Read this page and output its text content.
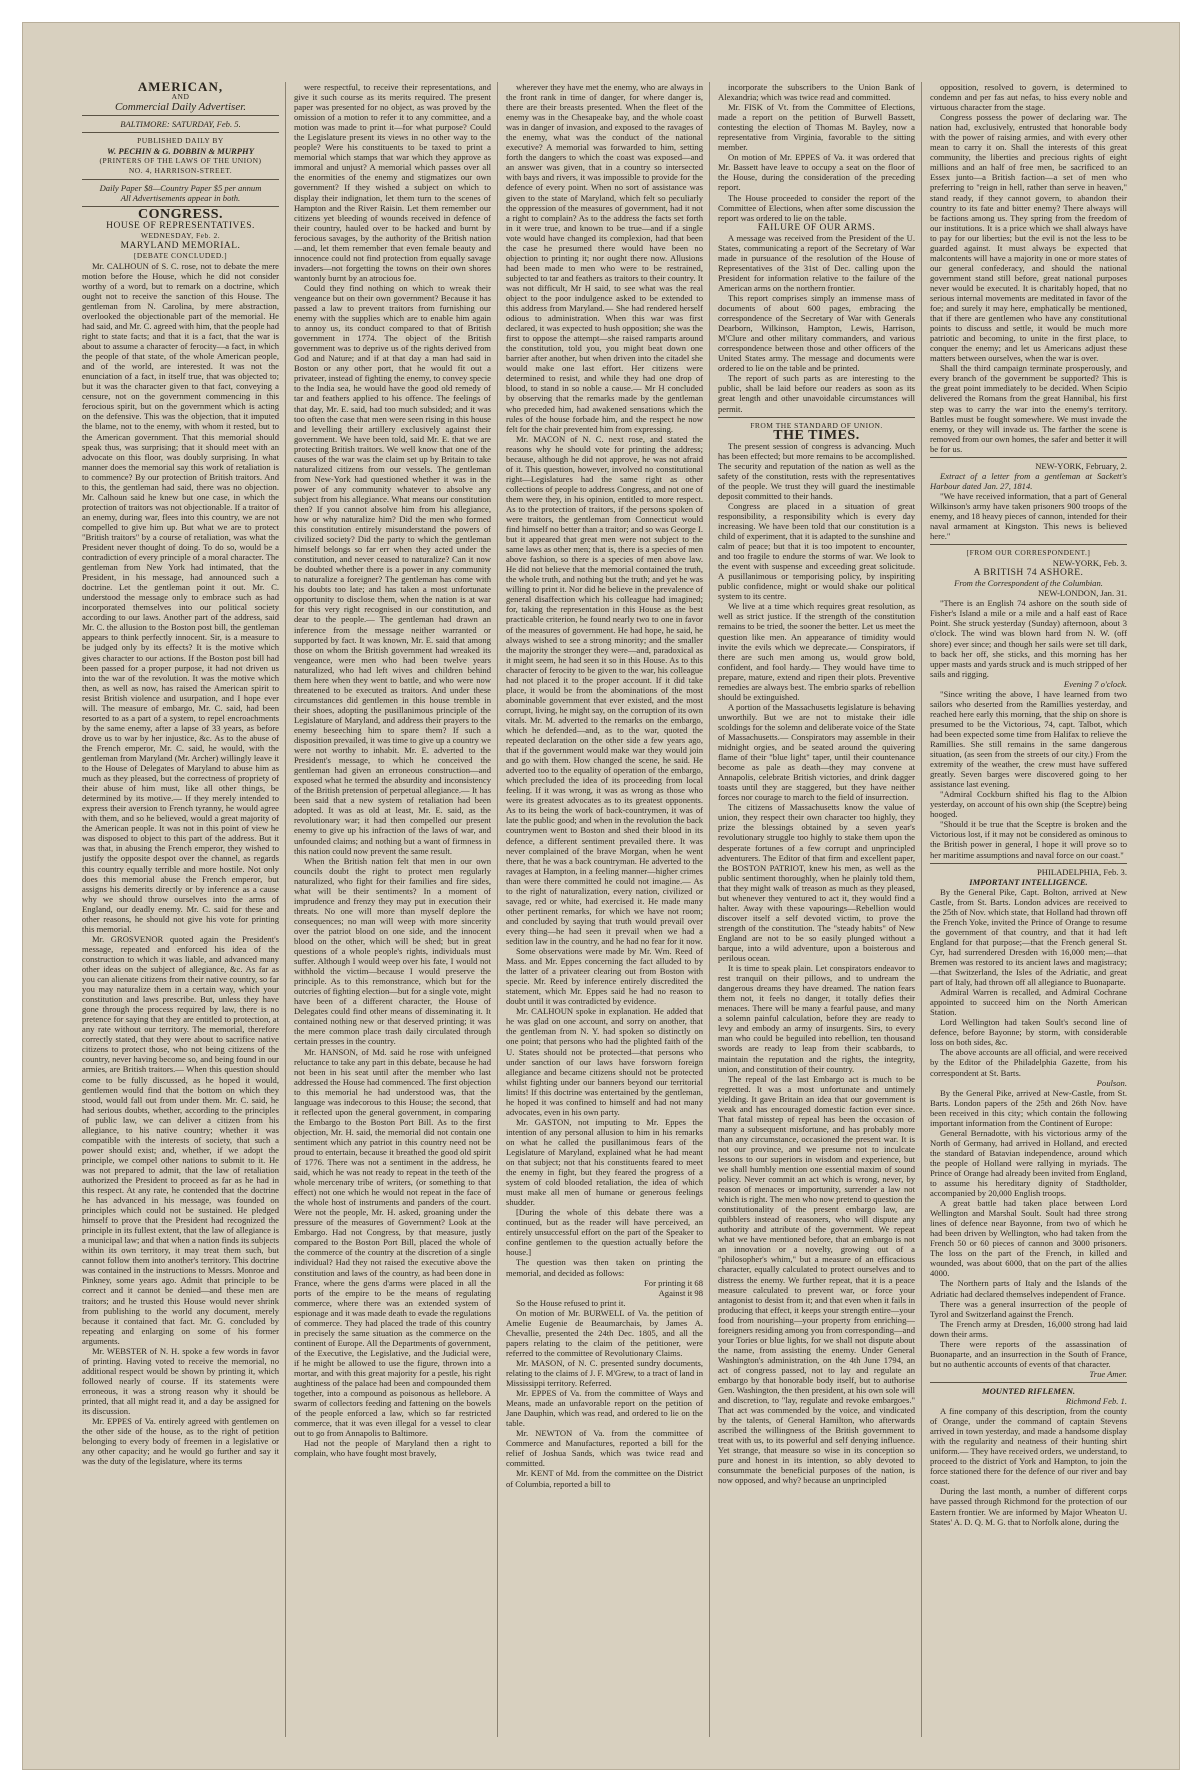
AMERICAN,

AND

Commercial Daily Advertiser.

BALTIMORE: SATURDAY, Feb. 5.

PUBLISHED DAILY BY

W. PECHIN & G. DOBBIN & MURPHY

(PRINTERS OF THE LAWS OF THE UNION)

NO. 4, HARRISON-STREET.

Daily Paper $8—Country Paper $5 per annum

All Advertisements appear in both.

CONGRESS.

HOUSE OF REPRESENTATIVES.

WEDNESDAY, Feb. 2.

MARYLAND MEMORIAL.

[DEBATE CONCLUDED.]

Mr. CALHOUN of S. C. rose, not to debate the mere motion before the House, which he did not consider worthy of a word, but to remark on a doctrine, which ought not to receive the sanction of this House. The gentleman from N. Carolina, by mere abstraction, overlooked the objectionable part of the memorial. He had said, and Mr. C. agreed with him, that the people had right to state facts; and that it is a fact, that the war is about to assume a character of ferocity—a fact, in which the people of that state, of the whole American people, and of the world, are interested. It was not the enunciation of a fact, in itself true, that was objected to; but it was the character given to that fact, conveying a censure, not on the government commencing in this ferocious spirit, but on the government which is acting on the defensive. This was the objection, that it imputed the blame, not to the enemy, with whom it rested, but to the American government. That this memorial should speak thus, was surprising; that it should meet with an advocate on this floor, was doubly surprising. In what manner does the memorial say this work of retaliation is to commence? By our protection of British traitors. And to this, the gentleman had said, there was no objection. Mr. Calhoun said he knew but one case, in which the protection of traitors was not objectionable. If a traitor of an enemy, during war, flees into this country, we are not compelled to give him up. But what we are to protect "British traitors" by a course of retaliation, was what the President never thought of doing. To do so, would be a contradiction of every principle of a moral character. The gentleman from New York had intimated, that the President, in his message, had announced such a doctrine. Let the gentleman point it out. Mr. C. understood the message only to embrace such as had incorporated themselves into our political society according to our laws. Another part of the address, said Mr. C. the allusion to the Boston post bill, the gentleman appears to think perfectly innocent. Sir, is a measure to be judged only by its effects? It is the motive which gives character to our actions. If the Boston post bill had been passed for a proper purpose, it had not driven us into the war of the revolution. It was the motive which then, as well as now, has raised the American spirit to resist British violence and usurpation, and I hope ever will. The measure of embargo, Mr. C. said, had been resorted to as a part of a system, to repel encroachments by the same enemy, after a lapse of 33 years, as before drove us to war by her injustice, &c. As to the abuse of the French emperor, Mr. C. said, he would, with the gentleman from Maryland (Mr. Archer) willingly leave it to the House of Delegates of Maryland to abuse him as much as they pleased, but the correctness of propriety of their abuse of him must, like all other things, be determined by its motive.— If they merely intended to express their aversion to French tyranny, he would agree with them, and so he believed, would a great majority of the American people. It was not in this point of view he was disposed to object to this part of the address. But it was that, in abusing the French emperor, they wished to justify the opposite despot over the channel, as regards this country equally terrible and more hostile. Not only does this memorial abuse the French emperor, but assigns his demerits directly or by inference as a cause why we should throw ourselves into the arms of England, our deadly enemy. Mr. C. said for these and other reasons, he should not give his vote for printing this memorial.

Mr. GROSVENOR quoted again the President's message, repeated and enforced his idea of the construction to which it was liable, and advanced many other ideas on the subject of allegiance, &c. As far as you can alienate citizens from their native country, so far you may naturalize them in a certain way, which your constitution and laws prescribe. But, unless they have gone through the process required by law, there is no pretence for saying that they are entitled to protection, at any rate without our territory. The memorial, therefore correctly stated, that they were about to sacrifice native citizens to protect those, who not being citizens of the country, never having become so, and being found in our armies, are British traitors.— When this question should come to be fully discussed, as he hoped it would, gentlemen would find that the bottom on which they stood, would fall out from under them. Mr. C. said, he had serious doubts, whether, according to the principles of public law, we can deliver a citizen from his allegiance, to his native country; whether it was compatible with the interests of society, that such a power should exist; and, whether, if we adopt the principle, we compel other nations to submit to it. He was not prepared to admit, that the law of retaliation authorized the President to proceed as far as he had in this respect. At any rate, he contended that the doctrine he has advanced in his message, was founded on principles which could not be sustained. He pledged himself to prove that the President had recognized the principle in its fullest extent, that the law of allegiance is a municipal law; and that when a nation finds its subjects within its own territory, it may treat them such, but cannot follow them into another's territory. This doctrine was contained in the instructions to Messrs. Monroe and Pinkney, some years ago. Admit that principle to be correct and it cannot be denied—and these men are traitors; and he trusted this House would never shrink from publishing to the world any document, merely because it contained that fact. Mr. G. concluded by repeating and enlarging on some of his former arguments.

Mr. WEBSTER of N. H. spoke a few words in favor of printing. Having voted to receive the memorial, no additional respect would be shown by printing it, which followed nearly of course. If its statements were erroneous, it was a strong reason why it should be printed, that all might read it, and a day be assigned for its discussion.

Mr. EPPES of Va. entirely agreed with gentlemen on the other side of the house, as to the right of petition belonging to every body of freemen in a legislative or any other capacity; and he would go further and say it was the duty of the legislature, where its terms

were respectful, to receive their representations, and give it such course as its merits required. The present paper was presented for no object, as was proved by the omission of a motion to refer it to any committee, and a motion was made to print it—for what purpose? Could the Legislature present its views in no other way to the people? Were his constituents to be taxed to print a memorial which stamps that war which they approve as immoral and unjust? A memorial which passes over all the enormities of the enemy and stigmatizes our own government? If they wished a subject on which to display their indignation, let them turn to the scenes of Hampton and the River Raisin. Let them remember our citizens yet bleeding of wounds received in defence of their country, hauled over to be hacked and burnt by ferocious savages, by the authority of the British nation—and, let them remember that even female beauty and innocence could not find protection from equally savage invaders—not forgetting the towns on their own shores wantonly burnt by an atrocious foe.

Could they find nothing on which to wreak their vengeance but on their own government? Because it has passed a law to prevent traitors from furnishing our enemy with the supplies which are to enable him again to annoy us, its conduct compared to that of British government in 1774. The object of the British government was to deprive us of the rights derived from God and Nature; and if at that day a man had said in Boston or any other port, that he would fit out a privateer, instead of fighting the enemy, to convey specie to the India sea, he would have the good old remedy of tar and feathers applied to his offence. The feelings of that day, Mr. E. said, had too much subsided; and it was too often the case that men were seen rising in this house and levelling their artillery exclusively against their government. We have been told, said Mr. E. that we are protecting British traitors. We well know that one of the causes of the war was the claim set up by Britain to take naturalized citizens from our vessels. The gentleman from New-York had questioned whether it was in the power of any community whatever to absolve any subject from his allegiance. What means our constitution then? If you cannot absolve him from his allegiance, how or why naturalize him? Did the men who formed this constitution entirely misunderstand the powers of civilized society? Did the party to which the gentleman himself belongs so far err when they acted under the constitution, and never ceased to naturalize? Can it now be doubted whether there is a power in any community to naturalize a foreigner? The gentleman has come with his doubts too late; and has taken a most unfortunate opportunity to disclose them, when the nation is at war for this very right recognised in our constitution, and dear to the people.— The gentleman had drawn an inference from the message neither warranted or supported by fact. It was known, Mr. E. said that among those on whom the British government had wreaked its vengeance, were men who had been twelve years naturalized, who had left wives and children behind them here when they went to battle, and who were now threatened to be executed as traitors. And under these circumstances did gentlemen in this house tremble in their shoes, adopting the pusillanimous principle of the Legislature of Maryland, and address their prayers to the enemy beseeching him to spare them? If such a disposition prevailed, it was time to give up a country we were not worthy to inhabit. Mr. E. adverted to the President's message, to which he conceived the gentleman had given an erroneous construction—and exposed what he termed the absurdity and inconsistency of the British pretension of perpetual allegiance.— It has been said that a new system of retaliation had been adopted. It was as old at least, Mr. E. said, as the revolutionary war; it had then compelled our present enemy to give up his infraction of the laws of war, and unfounded claims; and nothing but a want of firmness in this nation could now prevent the same result.

When the British nation felt that men in our own councils doubt the right to protect men regularly naturalized, who fight for their families and fire sides, what will be their sentiments? In a moment of imprudence and frenzy they may put in execution their threats. No one will more than myself deplore the consequences; no man will weep with more sincerity over the patriot blood on one side, and the innocent blood on the other, which will be shed; but in great questions of a whole people's rights, individuals must suffer. Although I would weep over his fate, I would not withhold the victim—because I would preserve the principle. As to this remonstrance, which but for the outcries of fighting election—but for a single vote, might have been of a different character, the House of Delegates could find other means of disseminating it. It contained nothing new or that deserved printing; it was the mere common place trash daily circulated through certain presses in the country.

Mr. HANSON, of Md. said he rose with unfeigned reluctance to take any part in this debate, because he had not been in his seat until after the member who last addressed the House had commenced. The first objection to this memorial he had understood was, that the language was indecorous to this House; the second, that it reflected upon the general government, in comparing the Embargo to the Boston Port Bill. As to the first objection, Mr. H. said, the memorial did not contain one sentiment which any patriot in this country need not be proud to entertain, because it breathed the good old spirit of 1776. There was not a sentiment in the address, he said, which he was not ready to repeat in the teeth of the whole mercenary tribe of writers, (or something to that effect) not one which he would not repeat in the face of the whole host of instruments and panders of the court. Were not the people, Mr. H. asked, groaning under the pressure of the measures of Government? Look at the Embargo. Had not Congress, by that measure, justly compared to the Boston Port Bill, placed the whole of the commerce of the country at the discretion of a single individual? Had they not raised the executive above the constitution and laws of the country, as had been done in France, where the gens d'arms were placed in all the ports of the empire to be the means of regulating commerce, where there was an extended system of espionage and it was made death to evade the regulations of commerce. They had placed the trade of this country in precisely the same situation as the commerce on the continent of Europe. All the Departments of government, of the Executive, the Legislative, and the Judicial were, if he might be allowed to use the figure, thrown into a mortar, and with this great majority for a pestle, his right aughtiness of the palace had been and compounded them together, into a compound as poisonous as hellebore. A swarm of collectors feeding and fattening on the bowels of the people enforced a law, which so far restricted commerce, that it was even illegal for a vessel to clear out to go from Annapolis to Baltimore.

Had not the people of Maryland then a right to complain, who have fought most bravely,

wherever they have met the enemy, who are always in the front rank in time of danger, for where danger is, there are their breasts presented. When the fleet of the enemy was in the Chesapeake bay, and the whole coast was in danger of invasion, and exposed to the ravages of the enemy, what was the conduct of the national executive? A memorial was forwarded to him, setting forth the dangers to which the coast was exposed—and an answer was given, that in a country so intersected with bays and rivers, it was impossible to provide for the defence of every point. When no sort of assistance was given to the state of Maryland, which felt so peculiarly the oppression of the measures of government, had it not a right to complain? As to the address the facts set forth in it were true, and known to be true—and if a single vote would have changed its complexion, had that been the case he presumed there would have been no objection to printing it; nor ought there now. Allusions had been made to men who were to be restrained, subjected to tar and feathers as traitors to their country. It was not difficult, Mr H said, to see what was the real object to the poor indulgence asked to be extended to this address from Maryland.— She had rendered herself odious to administration. When this war was first declared, it was expected to hush opposition; she was the first to oppose the attempt—she raised ramparts around the constitution, told you, you might beat down one barrier after another, but when driven into the citadel she would make one last effort. Her citizens were determined to resist, and while they had one drop of blood, to stand in so noble a cause.— Mr H concluded by observing that the remarks made by the gentleman who preceded him, had awakened sensations which the rules of the house forbade him, and the respect he now felt for the chair prevented him from expressing.

Mr. MACON of N. C. next rose, and stated the reasons why he should vote for printing the address; because, although he did not approve, he was not afraid of it. This question, however, involved no constitutional right—Legislatures had the same right as other collections of people to address Congress, and not one of them were they, in his opinion, entitled to more respect. As to the protection of traitors, if the persons spoken of were traitors, the gentleman from Connecticut would find himself no better than a traitor; and so was George I. but it appeared that great men were not subject to the same laws as other men; that is, there is a species of men above fashion, so there is a species of men above law. He did not believe that the memorial contained the truth, the whole truth, and nothing but the truth; and yet he was willing to print it. Nor did he believe in the prevalence of general disaffection which his colleague had imagined; for, taking the representation in this House as the best practicable criterion, he found nearly two to one in favor of the measures of government. He had hope, he said, he always wished to see a strong minority; and the smaller the majority the stronger they were—and, paradoxical as it might seem, he had seen it so in this House. As to this character of ferocity to be given to the war, his colleague had not placed it to the proper account. If it did take place, it would be from the abominations of the most abominable government that ever existed, and the most corrupt, living, he might say, on the corruption of its own vitals. Mr. M. adverted to the remarks on the embargo, which he defended—and, as to the war, quoted the repeated declaration on the other side a few years ago, that if the government would make war they would join and go with them. How changed the scene, he said. He adverted too to the equality of operation of the embargo, which precluded the idea of its proceeding from local feeling. If it was wrong, it was as wrong as those who were its greatest advocates as to its greatest opponents. As to its being the work of back-countrymen, it was of late the public good; and when in the revolution the back countrymen went to Boston and shed their blood in its defence, a different sentiment prevailed there. It was never complained of the brave Morgan, when he went there, that he was a back countryman. He adverted to the ravages at Hampton, in a feeling manner—higher crimes than were there committed he could not imagine.— As to the right of naturalization, every nation, civilized or savage, red or white, had exercised it. He made many other pertinent remarks, for which we have not room; and concluded by saying that truth would prevail over every thing—he had seen it prevail when we had a sedition law in the country, and he had no fear for it now.

Some observations were made by Mr. Wm. Reed of Mass. and Mr. Eppes concerning the fact alluded to by the latter of a privateer clearing out from Boston with specie. Mr. Reed by inference entirely discredited the statement, which Mr. Eppes said he had no reason to doubt until it was contradicted by evidence.

Mr. CALHOUN spoke in explanation. He added that he was glad on one account, and sorry on another, that the gentleman from N. Y. had spoken so distinctly on one point; that persons who had the plighted faith of the U. States should not be protected—that persons who under sanction of our laws have forsworn foreign allegiance and became citizens should not be protected whilst fighting under our banners beyond our territorial limits! If this doctrine was entertained by the gentleman, he hoped it was confined to himself and had not many advocates, even in his own party.

Mr. GASTON, not imputing to Mr. Eppes the intention of any personal allusion to him in his remarks on what he called the pusillanimous fears of the Legislature of Maryland, explained what he had meant on that subject; not that his constituents feared to meet the enemy in fight, but they feared the progress of a system of cold blooded retaliation, the idea of which must make all men of humane or generous feelings shudder.

[During the whole of this debate there was a continued, but as the reader will have perceived, an entirely unsuccessful effort on the part of the Speaker to confine gentlemen to the question actually before the house.]

The question was then taken on printing the memorial, and decided as follows:

For printing it 68

Against it 98

So the House refused to print it.

On motion of Mr. BURWELL of Va. the petition of Amelie Eugenie de Beaumarchais, by James A. Chevallie, presented the 24th Dec. 1805, and all the papers relating to the claim of the petitioner, were referred to the committee of Revolutionary Claims.

Mr. MASON, of N. C. presented sundry documents, relating to the claims of J. F. M'Grew, to a tract of land in Mississippi territory. Referred.

Mr. EPPES of Va. from the committee of Ways and Means, made an unfavorable report on the petition of Jane Dauphin, which was read, and ordered to lie on the table.

Mr. NEWTON of Va. from the committee of Commerce and Manufactures, reported a bill for the relief of Joshua Sands, which was twice read and committed.

Mr. KENT of Md. from the committee on the District of Columbia, reported a bill to

incorporate the subscribers to the Union Bank of Alexandria; which was twice read and committed.

Mr. FISK of Vt. from the Committee of Elections, made a report on the petition of Burwell Bassett, contesting the election of Thomas M. Bayley, now a representative from Virginia, favorable to the sitting member.

On motion of Mr. EPPES of Va. it was ordered that Mr. Bassett have leave to occupy a seat on the floor of the House, during the consideration of the preceding report.

The House proceeded to consider the report of the Committee of Elections, when after some discussion the report was ordered to lie on the table.

FAILURE OF OUR ARMS.

A message was received from the President of the U. States, communicating a report of the Secretary of War made in pursuance of the resolution of the House of Representatives of the 31st of Dec. calling upon the President for information relative to the failure of the American arms on the northern frontier.

This report comprises simply an immense mass of documents of about 600 pages, embracing the correspondence of the Secretary of War with Generals Dearborn, Wilkinson, Hampton, Lewis, Harrison, M'Clure and other military commanders, and various correspondence between those and other officers of the United States army. The message and documents were ordered to lie on the table and be printed.

The report of such parts as are interesting to the public, shall be laid before our readers as soon as its great length and other unavoidable circumstances will permit.

FROM THE STANDARD OF UNION.

THE TIMES.

The present session of congress is advancing. Much has been effected; but more remains to be accomplished. The security and reputation of the nation as well as the safety of the constitution, rests with the representatives of the people. We trust they will guard the inestimable deposit committed to their hands.

Congress are placed in a situation of great responsibility, a responsibility which is every day increasing. We have been told that our constitution is a child of experiment, that it is adapted to the sunshine and calm of peace; but that it is too impotent to encounter, and too fragile to endure the storms of war. We look to the event with suspense and exceeding great solicitude. A pusillanimous or temporising policy, by inspiriting public confidence, might or would shake our political system to its centre.

We live at a time which requires great resolution, as well as strict justice. If the strength of the constitution remains to be tried, the sooner the better. Let us meet the question like men. An appearance of timidity would invite the evils which we deprecate.— Conspirators, if there are such men among us, would grow bold, confident, and fool hardy.— They would have time to prepare, mature, extend and ripen their plots. Preventive remedies are always best. The embrio sparks of rebellion should be extinguished.

A portion of the Massachusetts legislature is behaving unworthily. But we are not to mistake their idle scoldings for the solemn and deliberate voice of the State of Massachusetts.— Conspirators may assemble in their midnight orgies, and be seated around the quivering flame of their "blue light" taper, until their countenance become as pale as death—they may convene at Annapolis, celebrate British victories, and drink dagger toasts until they are staggered, but they have neither forces nor courage to march to the field of insurrection.

The citizens of Massachusetts know the value of union, they respect their own character too highly, they prize the blessings obtained by a seven year's revolutionary struggle too highly to stake them upon the desperate fortunes of a few corrupt and unprincipled adventurers. The Editor of that firm and excellent paper, the BOSTON PATRIOT, knew his men, as well as the public sentiment thoroughly, when he plainly told them, that they might walk of treason as much as they pleased, but whenever they ventured to act it, they would find a halter. Away with these vapourings—Rebellion would discover itself a self devoted victim, to prove the strength of the constitution. The "steady habits" of New England are not to be so easily plunged without a barque, into a wild adventure, upon a boisterous and perilous ocean.

It is time to speak plain. Let conspirators endeavor to rest tranquil on their pillows, and to undream the dangerous dreams they have dreamed. The nation fears them not, it feels no danger, it totally defies their menaces. There will be many a fearful pause, and many a solemn painful calculation, before they are ready to levy and embody an army of insurgents. Sirs, to every man who could be beguiled into rebellion, ten thousand swords are ready to leap from their scabbards, to maintain the reputation and the rights, the integrity, union, and constitution of their country.

The repeal of the last Embargo act is much to be regretted. It was a most unfortunate and untimely yielding. It gave Britain an idea that our government is weak and has encouraged domestic faction ever since. That fatal misstep of repeal has been the occasion of many a subsequent misfortune, and has probably more than any circumstance, occasioned the present war. It is not our province, and we presume not to inculcate lessons to our superiors in wisdom and experience, but we shall humbly mention one essential maxim of sound policy. Never commit an act which is wrong, never, by reason of menaces or importunity, surrender a law not which is right. The men who now pretend to question the constitutionality of the present embargo law, are quibblers instead of reasoners, who will dispute any authority and attribute of the government. We repeat what we have mentioned before, that an embargo is not an innovation or a novelty, growing out of a "philosopher's whim," but a measure of an efficacious character, equally calculated to protect ourselves and to distress the enemy. We further repeat, that it is a peace measure calculated to prevent war, or force your antagonist to desist from it; and that even when it fails in producing that effect, it keeps your strength entire—your food from nourishing—your property from enriching—foreigners residing among you from corresponding—and your Tories or blue lights, for we shall not dispute about the name, from assisting the enemy. Under General Washington's administration, on the 4th June 1794, an act of congress passed, not to lay and regulate an embargo by that honorable body itself, but to authorise Gen. Washington, the then president, at his own sole will and discretion, to "lay, regulate and revoke embargoes." That act was commended by the voice, and vindicated by the talents, of General Hamilton, who afterwards ascribed the willingness of the British government to treat with us, to its powerful and self denying influence. Yet strange, that measure so wise in its conception so pure and honest in its intention, so ably devoted to consummate the beneficial purposes of the nation, is now opposed, and why? because an unprincipled

opposition, resolved to govern, is determined to condemn and per fas aut nefas, to hiss every noble and virtuous character from the stage.

Congress possess the power of declaring war. The nation had, exclusively, entrusted that honorable body with the power of raising armies, and with every other mean to carry it on. Shall the interests of this great community, the liberties and precious rights of eight millions and an half of free men, be sacrificed to an Essex junto—a British faction—a set of men who preferring to "reign in hell, rather than serve in heaven," stand ready, if they cannot govern, to abandon their country to its fate and bitter enemy? There always will be factions among us. They spring from the freedom of our institutions. It is a price which we shall always have to pay for our liberties; but the evil is not the less to be guarded against. It must always be expected that malcontents will have a majority in one or more states of our general confederacy, and should the national government stand still before, great national purposes never would be executed. It is charitably hoped, that no serious internal movements are meditated in favor of the foe; and surely it may here, emphatically be mentioned, that if there are gentlemen who have any constitutional points to discuss and settle, it would be much more patriotic and becoming, to unite in the first place, to conquer the enemy; and let us Americans adjust these matters between ourselves, when the war is over.

Shall the third campaign terminate prosperously, and every branch of the government be supported? This is the great point immediately to be decided. When Scipio delivered the Romans from the great Hannibal, his first step was to carry the war into the enemy's territory. Battles must be fought somewhere. We must invade the enemy, or they will invade us. The farther the scene is removed from our own homes, the safer and better it will be for us.

NEW-YORK, February, 2.

Extract of a letter from a gentleman at Sackett's Harbour dated Jan. 27, 1814.

"We have received information, that a part of General Wilkinson's army have taken prisoners 900 troops of the enemy, and 18 heavy pieces of cannon, intended for their naval armament at Kingston. This news is believed here."

[FROM OUR CORRESPONDENT.]

NEW-YORK, Feb. 3.

A BRITISH 74 ASHORE.

From the Correspondent of the Columbian.

NEW-LONDON, Jan. 31.

"There is an English 74 ashore on the south side of Fisher's Island a mile or a mile and a half east of Race Point. She struck yesterday (Sunday) afternoon, about 3 o'clock. The wind was blown hard from N. W. (off shore) ever since; and though her sails were set till dark, to back her off, she sticks, and this morning has her upper masts and yards struck and is much stripped of her sails and rigging.

Evening 7 o'clock.

"Since writing the above, I have learned from two sailors who deserted from the Ramillies yesterday, and reached here early this morning, that the ship on shore is presumed to be the Victorious, 74, capt. Talbot, which had been expected some time from Halifax to relieve the Ramillies. She still remains in the same dangerous situation, (as seen from the streets of our city.) From the extremity of the weather, the crew must have suffered greatly. Seven barges were discovered going to her assistance last evening.

"Admiral Cockburn shifted his flag to the Albion yesterday, on account of his own ship (the Sceptre) being hooged.

"Should it be true that the Sceptre is broken and the Victorious lost, if it may not be considered as ominous to the British power in general, I hope it will prove so to her maritime assumptions and naval force on our coast."

PHILADELPHIA, Feb. 3.

IMPORTANT INTELLIGENCE.

By the General Pike, Capt. Bolton, arrived at New Castle, from St. Barts. London advices are received to the 25th of Nov. which state, that Holland had thrown off the French Yoke, invited the Prince of Orange to resume the government of that country, and that it had left England for that purpose;—that the French general St. Cyr, had surrendered Dresden with 16,000 men;—that Bremen was restored to its ancient laws and magistracy;—that Switzerland, the Isles of the Adriatic, and great part of Italy, had thrown off all allegiance to Buonaparte.

Admiral Warren is recalled, and Admiral Cochrane appointed to succeed him on the North American Station.

Lord Wellington had taken Soult's second line of defence, before Bayonne; by storm, with considerable loss on both sides, &c.

The above accounts are all official, and were received by the Editor of the Philadelphia Gazette, from his correspondent at St. Barts.

Poulson.

By the General Pike, arrived at New-Castle, from St. Barts. London papers of the 25th and 26th Nov. have been received in this city; which contain the following important information from the Continent of Europe:

General Bernadotte, with his victorious army of the North of Germany, had arrived in Holland, and erected the standard of Batavian independence, around which the people of Holland were rallying in myriads. The Prince of Orange had already been invited from England, to assume his hereditary dignity of Stadtholder, accompanied by 20,000 English troops.

A great battle had taken place between Lord Wellington and Marshal Soult. Soult had three strong lines of defence near Bayonne, from two of which he had been driven by Wellington, who had taken from the French 50 or 60 pieces of cannon and 3000 prisoners. The loss on the part of the French, in killed and wounded, was about 6000, that on the part of the allies 4000.

The Northern parts of Italy and the Islands of the Adriatic had declared themselves independent of France.

There was a general insurrection of the people of Tyrol and Switzerland against the French.

The French army at Dresden, 16,000 strong had laid down their arms.

There were reports of the assassination of Buonaparte, and an insurrection in the South of France, but no authentic accounts of events of that character.

True Amer.

MOUNTED RIFLEMEN.

Richmond Feb. 1.

A fine company of this description, from the county of Orange, under the command of captain Stevens arrived in town yesterday, and made a handsome display with the regularity and neatness of their hunting shirt uniform.— They have received orders, we understand, to proceed to the district of York and Hampton, to join the force stationed there for the defence of our river and bay coast.

During the last month, a number of different corps have passed through Richmond for the protection of our Eastern frontier. We are informed by Major Wheaton U. States' A. D. Q. M. G. that to Norfolk alone, during the
